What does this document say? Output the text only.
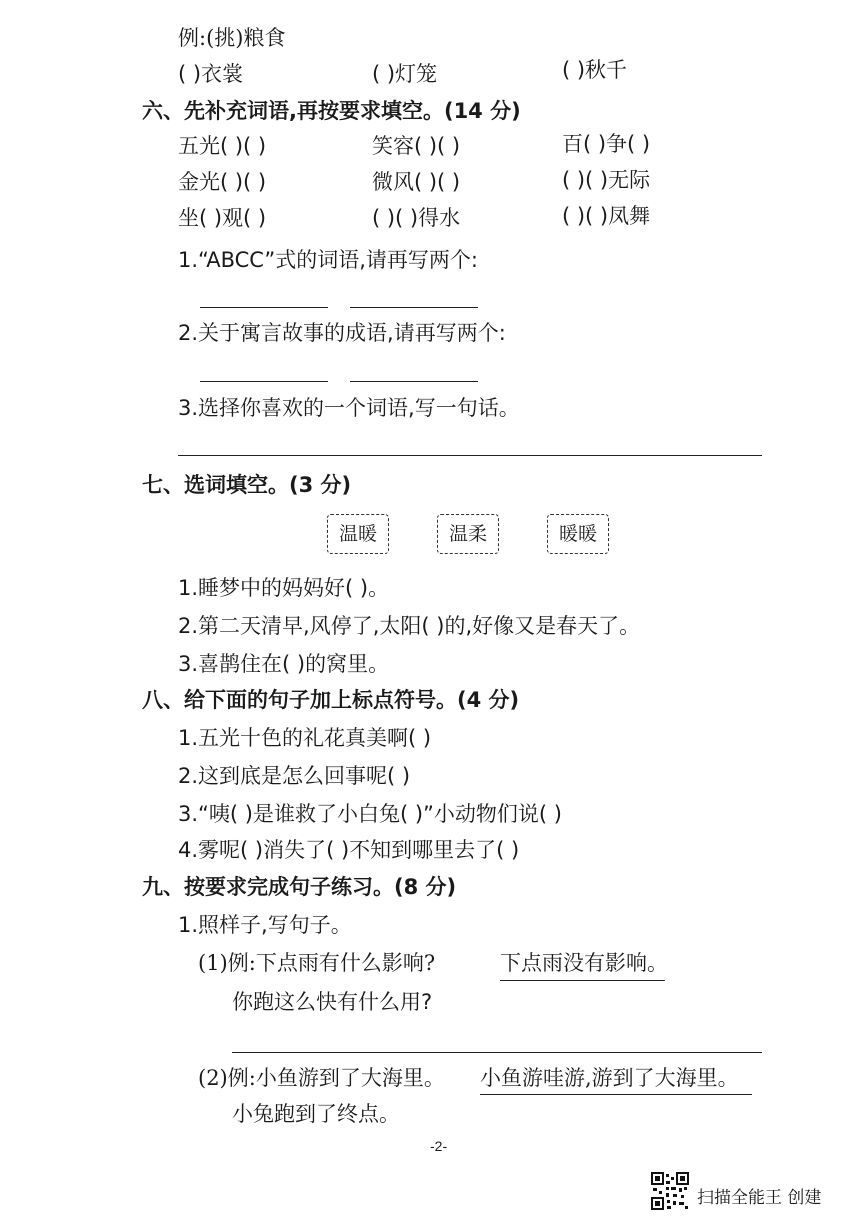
例:(挑)粮食
( )衣裳	( )灯笼	( )秋千
六、先补充词语,再按要求填空。(14 分)
五光( )( )	笑容( )( )	百( )争( )
金光( )( )	微风( )( )	( )( )无际
坐( )观( )	( )( )得水	( )( )凤舞
1.“ABCC”式的词语,请再写两个:
2.关于寓言故事的成语,请再写两个:
3.选择你喜欢的一个词语,写一句话。
七、选词填空。(3 分)
温暖	温柔	暖暖
1.睡梦中的妈妈好( )。
2.第二天清早,风停了,太阳( )的,好像又是春天了。
3.喜鹊住在( )的窝里。
八、给下面的句子加上标点符号。(4 分)
1.五光十色的礼花真美啊( )
2.这到底是怎么回事呢( )
3.“咦( )是谁救了小白兔( )”小动物们说( )
4.雾呢( )消失了( )不知到哪里去了( )
九、按要求完成句子练习。(8 分)
1.照样子,写句子。
(1)例:下点雨有什么影响?	下点雨没有影响。
你跑这么快有什么用?
(2)例:小鱼游到了大海里。 小鱼游哇游,游到了大海里。
小兔跑到了终点。
-2-
扫描全能王 创建
